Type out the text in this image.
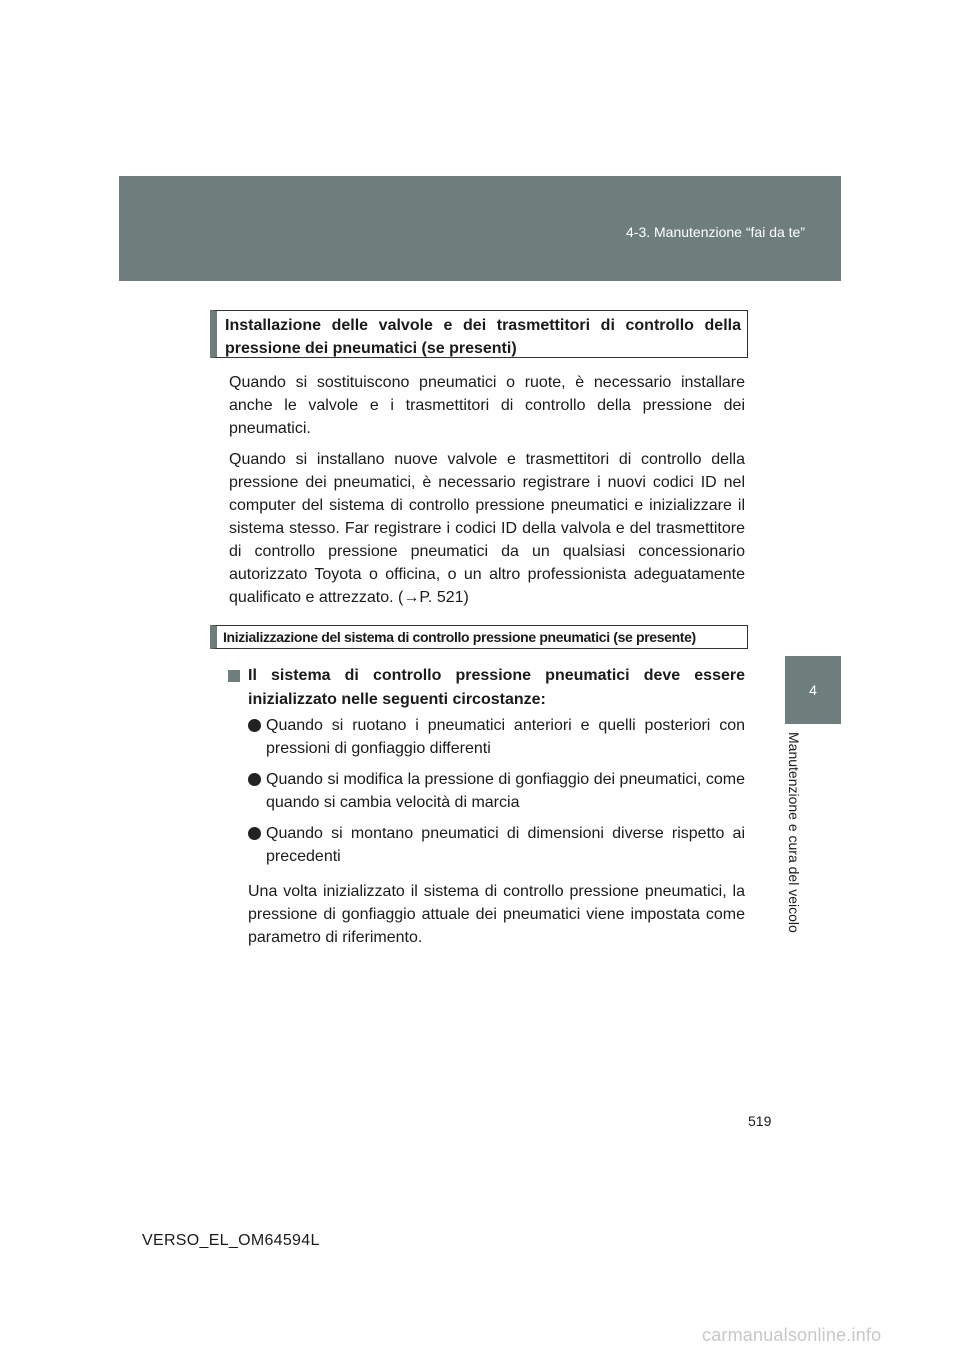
4-3. Manutenzione “fai da te”
4
Manutenzione e cura del veicolo
Installazione delle valvole e dei trasmettitori di controllo della pressione dei pneumatici (se presenti)

Quando si sostituiscono pneumatici o ruote, è necessario installare anche le valvole e i trasmettitori di controllo della pressione dei pneumatici.

Quando si installano nuove valvole e trasmettitori di controllo della pressione dei pneumatici, è necessario registrare i nuovi codici ID nel computer del sistema di controllo pressione pneumatici e inizializzare il sistema stesso. Far registrare i codici ID della valvola e del trasmettitore di controllo pressione pneumatici da un qualsiasi concessionario autorizzato Toyota o officina, o un altro professionista adeguatamente qualificato e attrezzato. (→P. 521)

Inizializzazione del sistema di controllo pressione pneumatici (se presente)
Il sistema di controllo pressione pneumatici deve essere inizializzato nelle seguenti circostanze:
Quando si ruotano i pneumatici anteriori e quelli posteriori con pressioni di gonfiaggio differenti
Quando si modifica la pressione di gonfiaggio dei pneumatici, come quando si cambia velocità di marcia
Quando si montano pneumatici di dimensioni diverse rispetto ai precedenti

Una volta inizializzato il sistema di controllo pressione pneumatici, la pressione di gonfiaggio attuale dei pneumatici viene impostata come parametro di riferimento.

519
VERSO_EL_OM64594L
carmanualsonline.info
